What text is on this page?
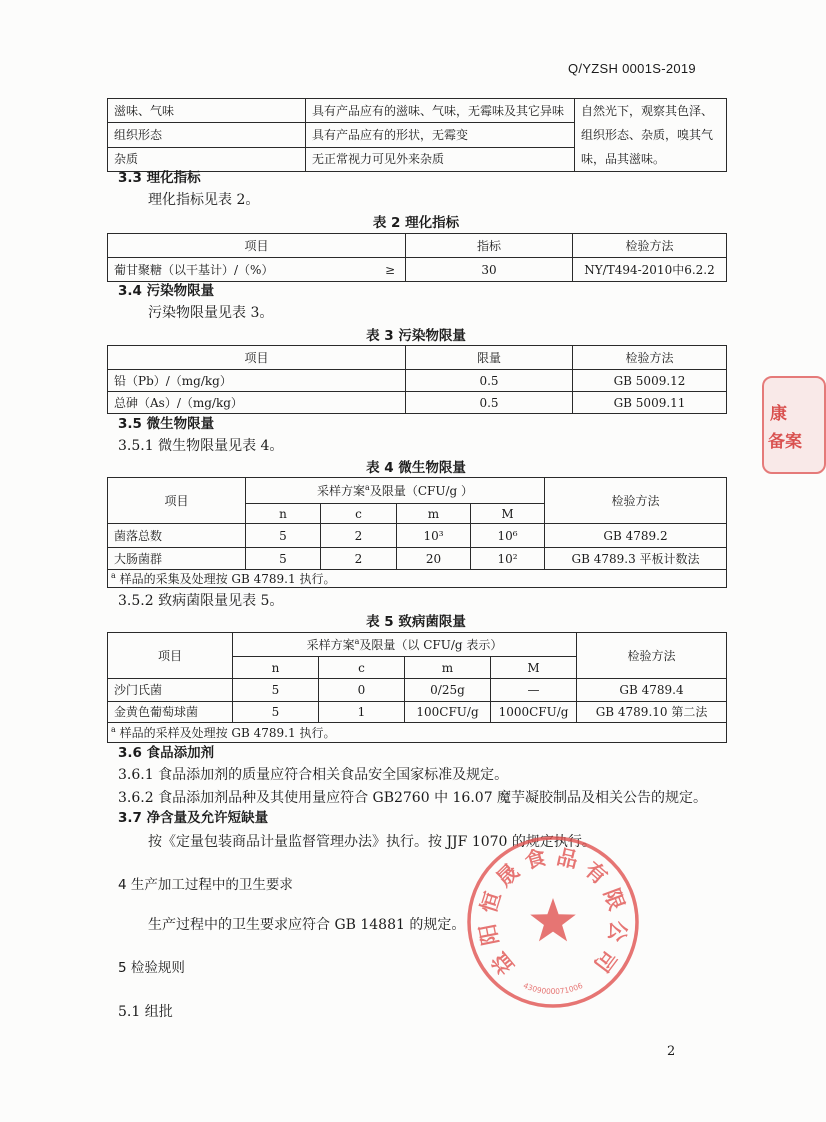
Q/YZSH 0001S-2019
滋味、气味	具有产品应有的滋味、气味，无霉味及其它异味	自然光下，观察其色泽、组织形态、杂质，嗅其气味，品其滋味。
组织形态	具有产品应有的形状，无霉变	
杂质	无正常视力可见外来杂质	
3.3 理化指标
理化指标见表 2。
表 2 理化指标
项目	指标	检验方法
葡甘聚糖（以干基计）/（%） ≥	30	NY/T494-2010中6.2.2
3.4 污染物限量
污染物限量见表 3。
表 3 污染物限量
项目	限量	检验方法
铅（Pb）/（mg/kg）	0.5	GB 5009.12
总砷（As）/（mg/kg）	0.5	GB 5009.11
3.5 微生物限量
3.5.1 微生物限量见表 4。
表 4 微生物限量
项目	采样方案$^a$及限量（CFU/g ）				检验方法
	n	c	m	M	
菌落总数	5	2	10³	10⁶	GB 4789.2
大肠菌群	5	2	20	10²	GB 4789.3 平板计数法
$^a$ 样品的采集及处理按 GB 4789.1 执行。					
3.5.2 致病菌限量见表 5。
表 5 致病菌限量
项目	采样方案$^a$及限量（以 CFU/g 表示）				检验方法
	n	c	m	M	
沙门氏菌	5	0	0/25g	—	GB 4789.4
金黄色葡萄球菌	5	1	100CFU/g	1000CFU/g	GB 4789.10 第二法
$^a$ 样品的采样及处理按 GB 4789.1 执行。					
3.6 食品添加剂
3.6.1 食品添加剂的质量应符合相关食品安全国家标准及规定。
3.6.2 食品添加剂品种及其使用量应符合 GB2760 中 16.07 魔芋凝胶制品及相关公告的规定。
3.7 净含量及允许短缺量
按《定量包装商品计量监督管理办法》执行。按 JJF 1070 的规定执行。
4 生产加工过程中的卫生要求
生产过程中的卫生要求应符合 GB 14881 的规定。
5 检验规则
5.1 组批
2
益阳恒晟食品有限公司
4309000071006
康
备案
